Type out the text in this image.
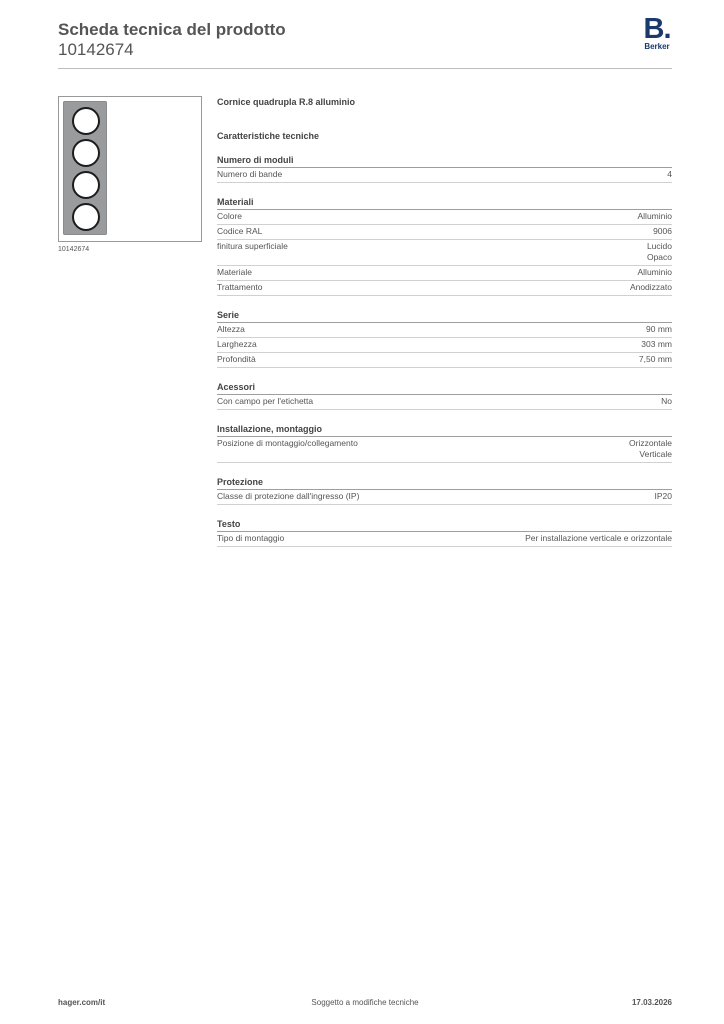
Scheda tecnica del prodotto
10142674
B.
Berker
10142674
Cornice quadrupla R.8 alluminio
Caratteristiche tecniche
Numero di moduli
Numero di bande	4
Materiali
Colore	Alluminio
Codice RAL	9006
finitura superficiale	Lucido
Opaco
Materiale	Alluminio
Trattamento	Anodizzato
Serie
Altezza	90 mm
Larghezza	303 mm
Profondità	7,50 mm
Acessori
Con campo per l'etichetta	No
Installazione, montaggio
Posizione di montaggio/collegamento	Orizzontale
Verticale
Protezione
Classe di protezione dall'ingresso (IP)	IP20
Testo
Tipo di montaggio	Per installazione verticale e orizzontale
hager.com/it	Soggetto a modifiche tecniche	17.03.2026
